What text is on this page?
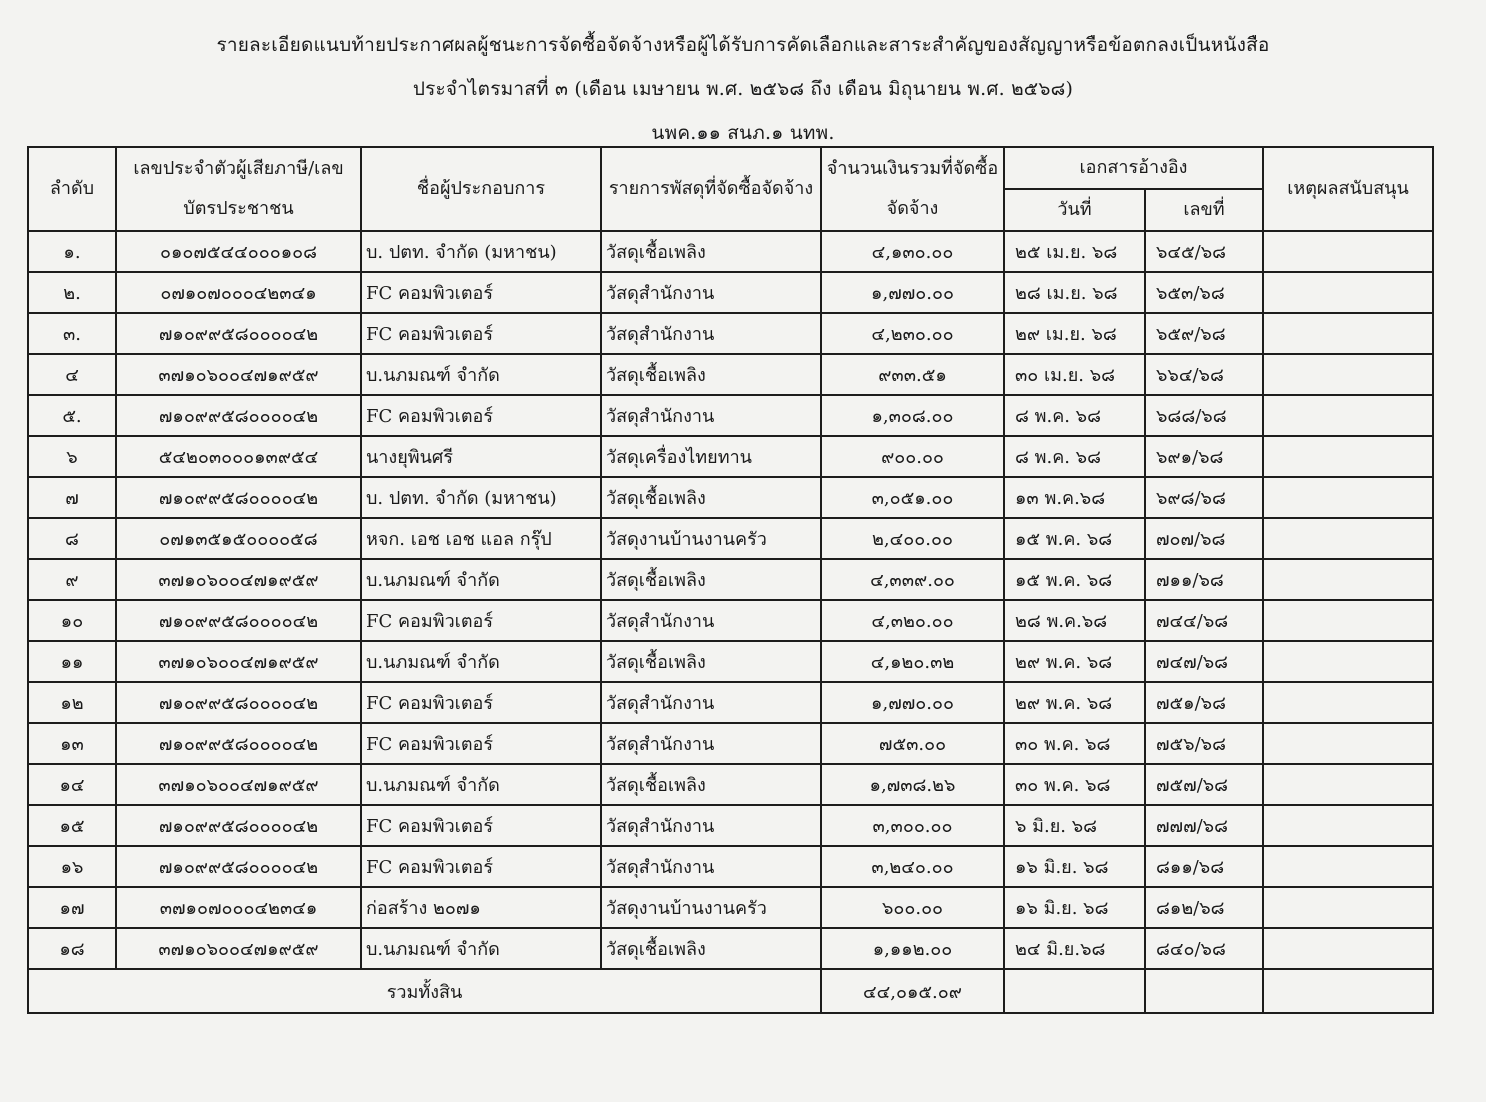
รายละเอียดแนบท้ายประกาศผลผู้ชนะการจัดซื้อจัดจ้างหรือผู้ได้รับการคัดเลือกและสาระสำคัญของสัญญาหรือข้อตกลงเป็นหนังสือ
ประจำไตรมาสที่ ๓ (เดือน เมษายน พ.ศ. ๒๕๖๘ ถึง เดือน มิถุนายน พ.ศ. ๒๕๖๘)
นพค.๑๑ สนภ.๑ นทพ.
ลำดับ	เลขประจำตัวผู้เสียภาษี/เลขบัตรประชาชน	ชื่อผู้ประกอบการ	รายการพัสดุที่จัดซื้อจัดจ้าง	จำนวนเงินรวมที่จัดซื้อจัดจ้าง	เอกสารอ้างอิง		เหตุผลสนับสนุน
					วันที่	เลขที่	
๑.	๐๑๐๗๕๔๔๐๐๐๑๐๘	บ. ปตท. จำกัด (มหาชน)	วัสดุเชื้อเพลิง	๔,๑๓๐.๐๐	๒๕ เม.ย. ๖๘	๖๔๕/๖๘	
๒.	๐๗๑๐๗๐๐๐๔๒๓๔๑	FC คอมพิวเตอร์	วัสดุสำนักงาน	๑,๗๗๐.๐๐	๒๘ เม.ย. ๖๘	๖๕๓/๖๘	
๓.	๗๑๐๙๙๕๘๐๐๐๐๔๒	FC คอมพิวเตอร์	วัสดุสำนักงาน	๔,๒๓๐.๐๐	๒๙ เม.ย. ๖๘	๖๕๙/๖๘	
๔	๓๗๑๐๖๐๐๔๗๑๙๕๙	บ.นภมณฑ์ จำกัด	วัสดุเชื้อเพลิง	๙๓๓.๕๑	๓๐ เม.ย. ๖๘	๖๖๔/๖๘	
๕.	๗๑๐๙๙๕๘๐๐๐๐๔๒	FC คอมพิวเตอร์	วัสดุสำนักงาน	๑,๓๐๘.๐๐	๘ พ.ค. ๖๘	๖๘๘/๖๘	
๖	๕๔๒๐๓๐๐๐๑๓๙๕๔	นางยุพินศรี	วัสดุเครื่องไทยทาน	๙๐๐.๐๐	๘ พ.ค. ๖๘	๖๙๑/๖๘	
๗	๗๑๐๙๙๕๘๐๐๐๐๔๒	บ. ปตท. จำกัด (มหาชน)	วัสดุเชื้อเพลิง	๓,๐๕๑.๐๐	๑๓ พ.ค.๖๘	๖๙๘/๖๘	
๘	๐๗๑๓๕๑๕๐๐๐๐๕๘	หจก. เอช เอช แอล กรุ๊ป	วัสดุงานบ้านงานครัว	๒,๔๐๐.๐๐	๑๕ พ.ค. ๖๘	๗๐๗/๖๘	
๙	๓๗๑๐๖๐๐๔๗๑๙๕๙	บ.นภมณฑ์ จำกัด	วัสดุเชื้อเพลิง	๔,๓๓๙.๐๐	๑๕ พ.ค. ๖๘	๗๑๑/๖๘	
๑๐	๗๑๐๙๙๕๘๐๐๐๐๔๒	FC คอมพิวเตอร์	วัสดุสำนักงาน	๔,๓๒๐.๐๐	๒๘ พ.ค.๖๘	๗๔๔/๖๘	
๑๑	๓๗๑๐๖๐๐๔๗๑๙๕๙	บ.นภมณฑ์ จำกัด	วัสดุเชื้อเพลิง	๔,๑๒๐.๓๒	๒๙ พ.ค. ๖๘	๗๔๗/๖๘	
๑๒	๗๑๐๙๙๕๘๐๐๐๐๔๒	FC คอมพิวเตอร์	วัสดุสำนักงาน	๑,๗๗๐.๐๐	๒๙ พ.ค. ๖๘	๗๕๑/๖๘	
๑๓	๗๑๐๙๙๕๘๐๐๐๐๔๒	FC คอมพิวเตอร์	วัสดุสำนักงาน	๗๕๓.๐๐	๓๐ พ.ค. ๖๘	๗๕๖/๖๘	
๑๔	๓๗๑๐๖๐๐๔๗๑๙๕๙	บ.นภมณฑ์ จำกัด	วัสดุเชื้อเพลิง	๑,๗๓๘.๒๖	๓๐ พ.ค. ๖๘	๗๕๗/๖๘	
๑๕	๗๑๐๙๙๕๘๐๐๐๐๔๒	FC คอมพิวเตอร์	วัสดุสำนักงาน	๓,๓๐๐.๐๐	๖ มิ.ย. ๖๘	๗๗๗/๖๘	
๑๖	๗๑๐๙๙๕๘๐๐๐๐๔๒	FC คอมพิวเตอร์	วัสดุสำนักงาน	๓,๒๔๐.๐๐	๑๖ มิ.ย. ๖๘	๘๑๑/๖๘	
๑๗	๓๗๑๐๗๐๐๐๔๒๓๔๑	ก่อสร้าง ๒๐๗๑	วัสดุงานบ้านงานครัว	๖๐๐.๐๐	๑๖ มิ.ย. ๖๘	๘๑๒/๖๘	
๑๘	๓๗๑๐๖๐๐๔๗๑๙๕๙	บ.นภมณฑ์ จำกัด	วัสดุเชื้อเพลิง	๑,๑๑๒.๐๐	๒๔ มิ.ย.๖๘	๘๔๐/๖๘	
รวมทั้งสิน				๔๔,๐๑๕.๐๙			
